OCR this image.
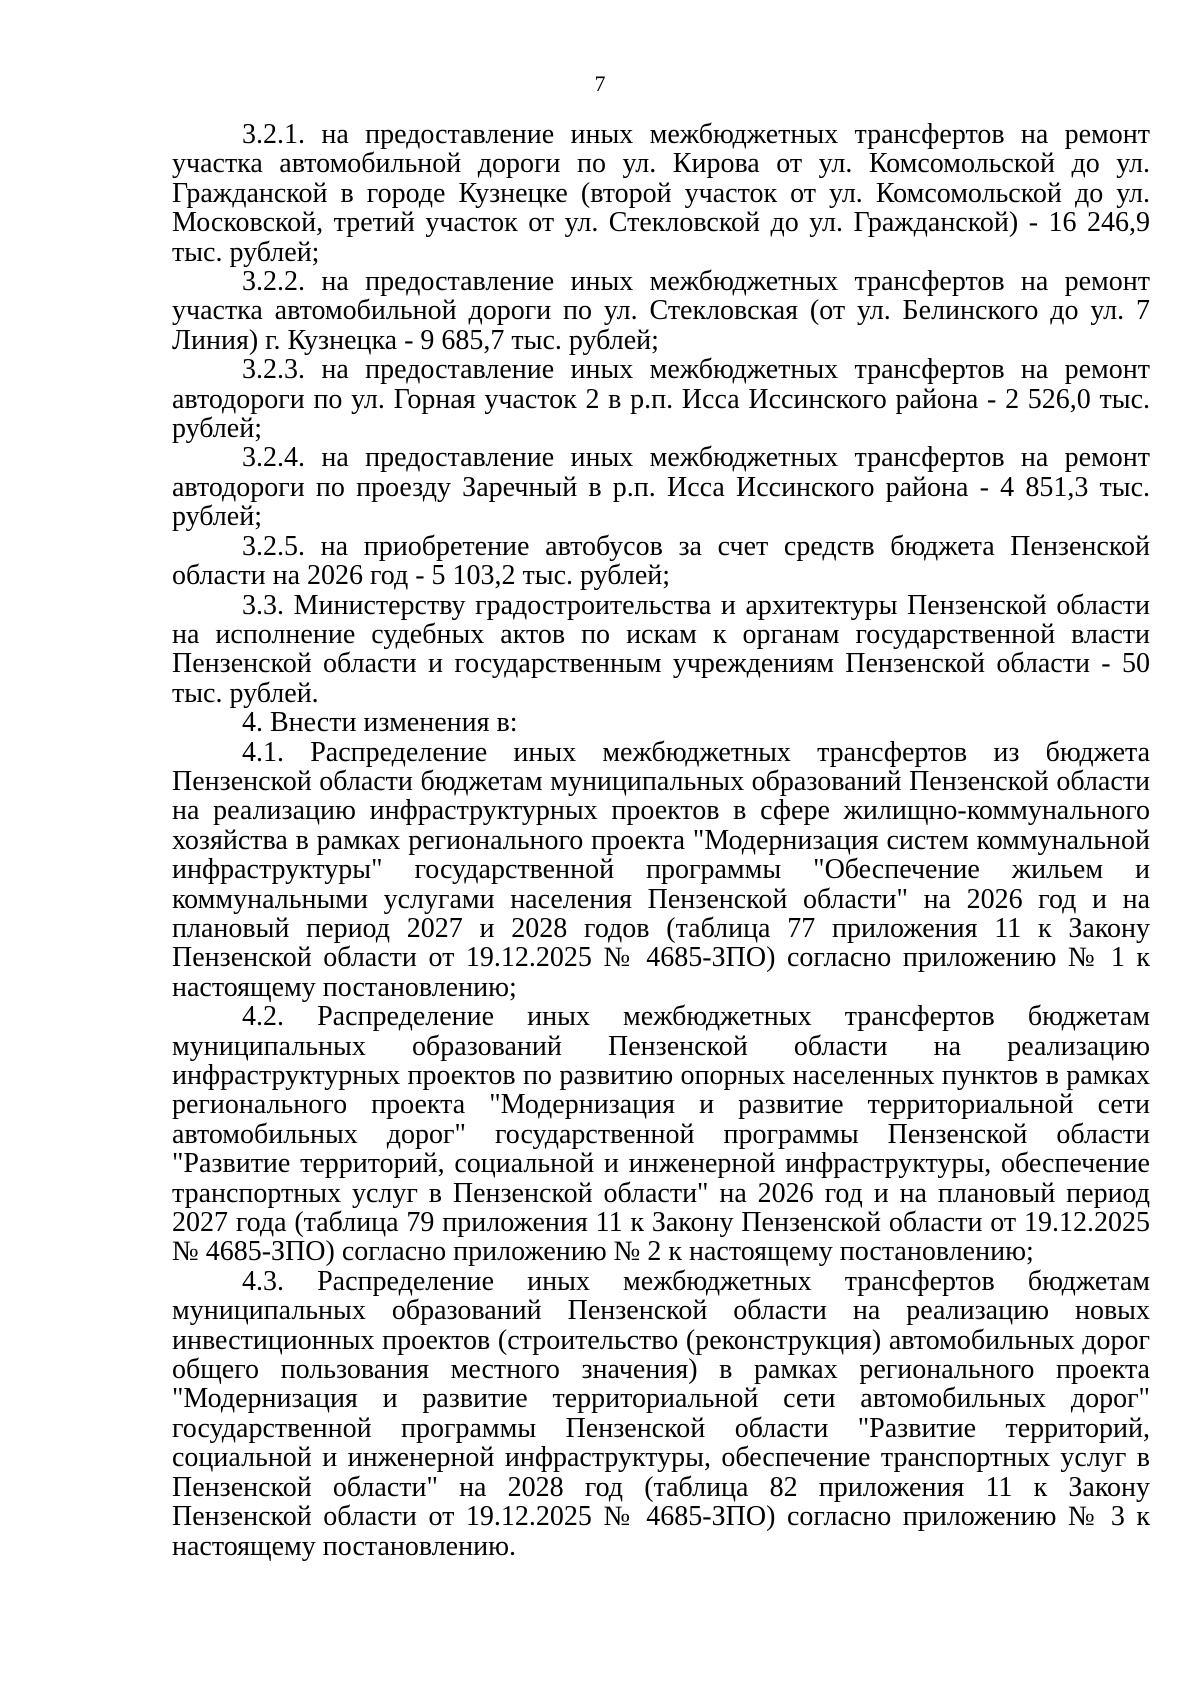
7

3.2.1. на предоставление иных межбюджетных трансфертов на ремонт участка автомобильной дороги по ул. Кирова от ул. Комсомольской до ул. Гражданской в городе Кузнецке (второй участок от ул. Комсомольской до ул. Московской, третий участок от ул. Стекловской до ул. Гражданской) - 16 246,9 тыс. рублей;

3.2.2. на предоставление иных межбюджетных трансфертов на ремонт участка автомобильной дороги по ул. Стекловская (от ул. Белинского до ул. 7 Линия) г. Кузнецка - 9 685,7 тыс. рублей;

3.2.3. на предоставление иных межбюджетных трансфертов на ремонт автодороги по ул. Горная участок 2 в р.п. Исса Иссинского района - 2 526,0 тыс. рублей;

3.2.4. на предоставление иных межбюджетных трансфертов на ремонт автодороги по проезду Заречный в р.п. Исса Иссинского района - 4 851,3 тыс. рублей;

3.2.5. на приобретение автобусов за счет средств бюджета Пензенской области на 2026 год - 5 103,2 тыс. рублей;

3.3. Министерству градостроительства и архитектуры Пензенской области на исполнение судебных актов по искам к органам государственной власти Пензенской области и государственным учреждениям Пензенской области - 50 тыс. рублей.

4. Внести изменения в:

4.1. Распределение иных межбюджетных трансфертов из бюджета Пензенской области бюджетам муниципальных образований Пензенской области на реализацию инфраструктурных проектов в сфере жилищно-коммунального хозяйства в рамках регионального проекта "Модернизация систем коммунальной инфраструктуры" государственной программы "Обеспечение жильем и коммунальными услугами населения Пензенской области" на 2026 год и на плановый период 2027 и 2028 годов (таблица 77 приложения 11 к Закону Пензенской области от 19.12.2025 № 4685-ЗПО) согласно приложению № 1 к настоящему постановлению;

4.2. Распределение иных межбюджетных трансфертов бюджетам муниципальных образований Пензенской области на реализацию инфраструктурных проектов по развитию опорных населенных пунктов в рамках регионального проекта "Модернизация и развитие территориальной сети автомобильных дорог" государственной программы Пензенской области "Развитие территорий, социальной и инженерной инфраструктуры, обеспечение транспортных услуг в Пензенской области" на 2026 год и на плановый период 2027 года (таблица 79 приложения 11 к Закону Пензенской области от 19.12.2025 № 4685-ЗПО) согласно приложению № 2 к настоящему постановлению;

4.3. Распределение иных межбюджетных трансфертов бюджетам муниципальных образований Пензенской области на реализацию новых инвестиционных проектов (строительство (реконструкция) автомобильных дорог общего пользования местного значения) в рамках регионального проекта "Модернизация и развитие территориальной сети автомобильных дорог" государственной программы Пензенской области "Развитие территорий, социальной и инженерной инфраструктуры, обеспечение транспортных услуг в Пензенской области" на 2028 год (таблица 82 приложения 11 к Закону Пензенской области от 19.12.2025 № 4685-ЗПО) согласно приложению № 3 к настоящему постановлению.
